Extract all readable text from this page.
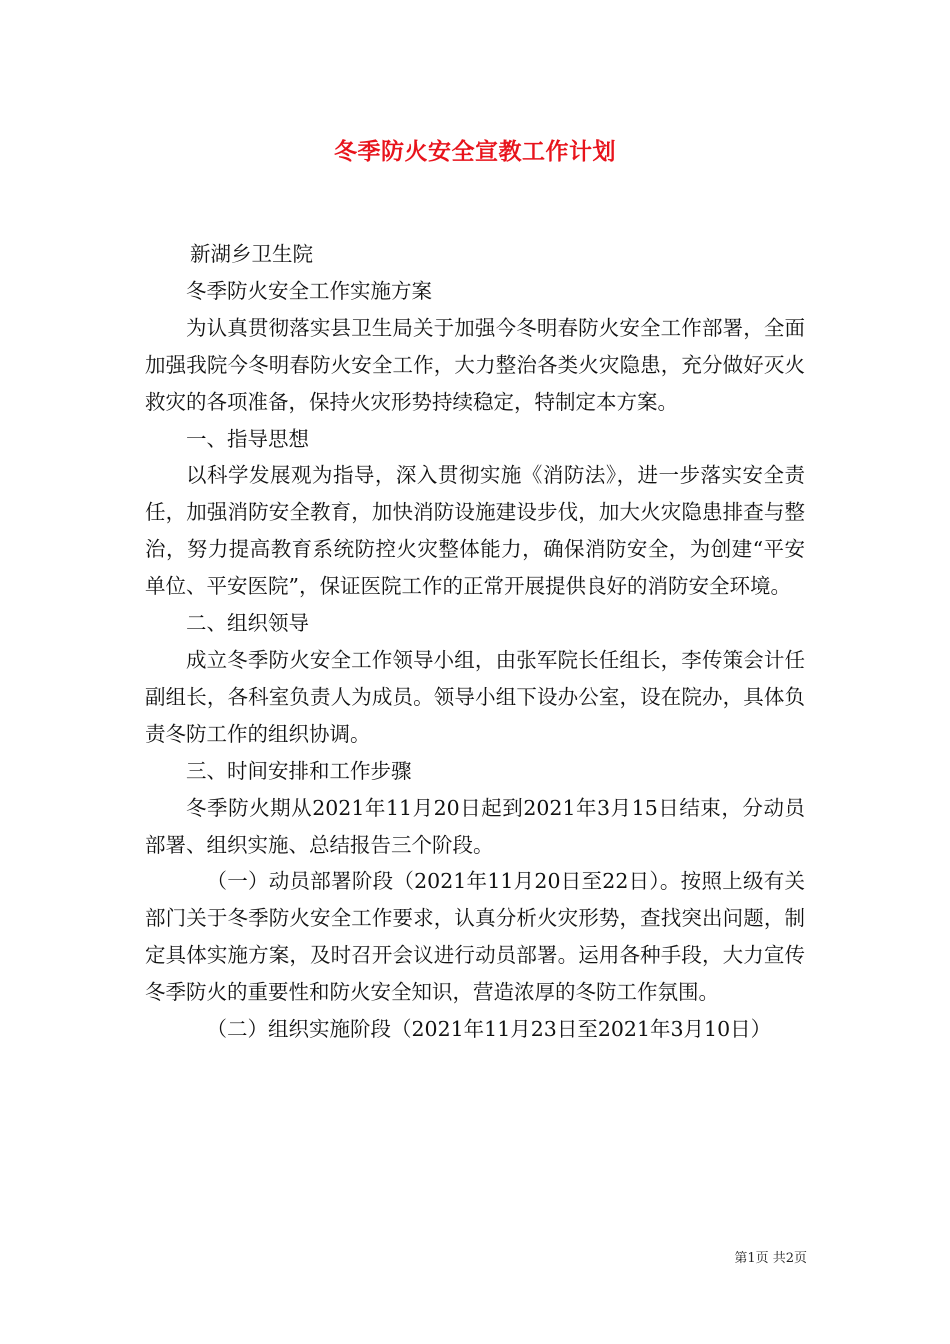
冬季防火安全宣教工作计划

新湖乡卫生院

冬季防火安全工作实施方案

为认真贯彻落实县卫生局关于加强今冬明春防火安全工作部署，全面加强我院今冬明春防火安全工作，大力整治各类火灾隐患，充分做好灭火救灾的各项准备，保持火灾形势持续稳定，特制定本方案。

一、指导思想

以科学发展观为指导，深入贯彻实施《消防法》，进一步落实安全责任，加强消防安全教育，加快消防设施建设步伐，加大火灾隐患排查与整治，努力提高教育系统防控火灾整体能力，确保消防安全，为创建“平安单位、平安医院”，保证医院工作的正常开展提供良好的消防安全环境。

二、组织领导

成立冬季防火安全工作领导小组，由张军院长任组长，李传策会计任副组长，各科室负责人为成员。领导小组下设办公室，设在院办，具体负责冬防工作的组织协调。

三、时间安排和工作步骤

冬季防火期从2021年11月20日起到2021年3月15日结束，分动员部署、组织实施、总结报告三个阶段。

（一）动员部署阶段（2021年11月20日至22日）。按照上级有关部门关于冬季防火安全工作要求，认真分析火灾形势，查找突出问题，制定具体实施方案，及时召开会议进行动员部署。运用各种手段，大力宣传冬季防火的重要性和防火安全知识，营造浓厚的冬防工作氛围。

（二）组织实施阶段（2021年11月23日至2021年3月10日）

第1页 共2页
